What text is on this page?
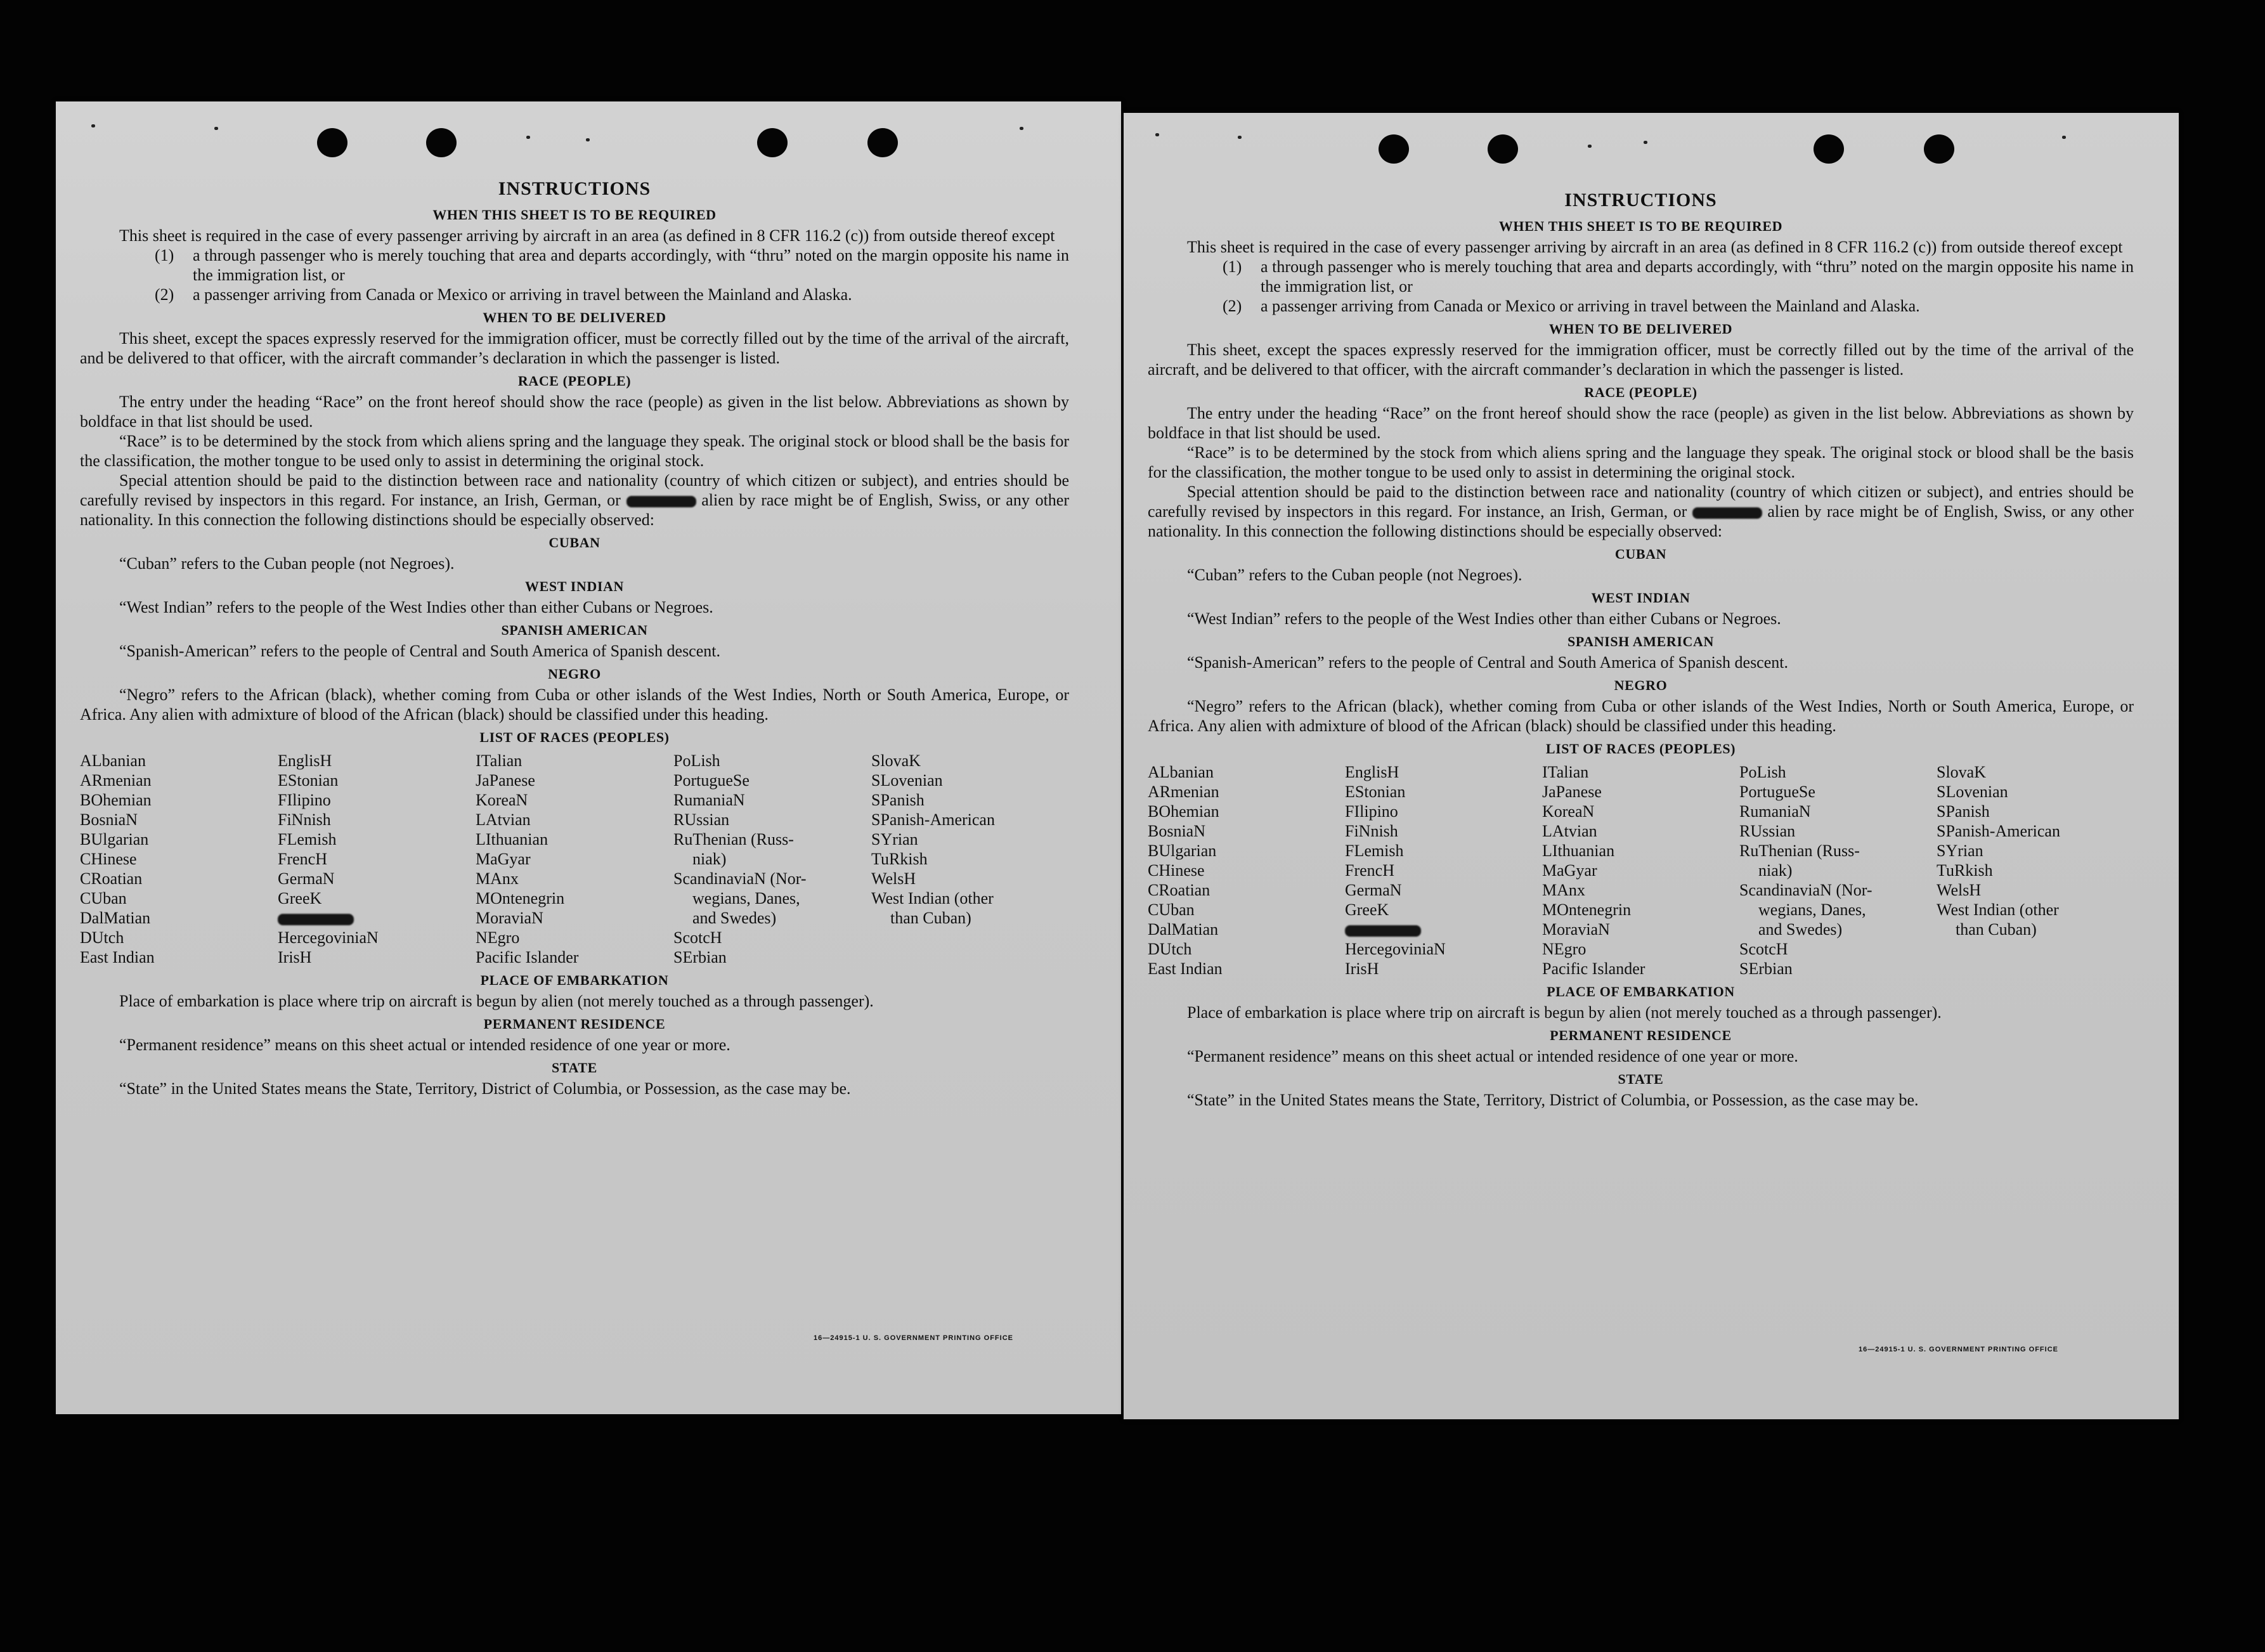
INSTRUCTIONS
WHEN THIS SHEET IS TO BE REQUIRED

This sheet is required in the case of every passenger arriving by aircraft in an area (as defined in 8 CFR 116.2 (c)) from outside thereof except

(1)	a through passenger who is merely touching that area and departs accordingly, with “thru” noted on the margin opposite his name in the immigration list, or
(2)	a passenger arriving from Canada or Mexico or arriving in travel between the Mainland and Alaska.
WHEN TO BE DELIVERED

This sheet, except the spaces expressly reserved for the immigration officer, must be correctly filled out by the time of the arrival of the aircraft, and be delivered to that officer, with the aircraft commander’s declaration in which the passenger is listed.

RACE (PEOPLE)

The entry under the heading “Race” on the front hereof should show the race (people) as given in the list below. Abbreviations as shown by boldface in that list should be used.

“Race” is to be determined by the stock from which aliens spring and the language they speak. The original stock or blood shall be the basis for the classification, the mother tongue to be used only to assist in determining the original stock.

Special attention should be paid to the distinction between race and nationality (country of which citizen or subject), and entries should be carefully revised by inspectors in this regard. For instance, an Irish, German, or	alien by race might be of English, Swiss, or any other nationality. In this connection the following distinctions should be especially observed:

CUBAN

“Cuban” refers to the Cuban people (not Negroes).

WEST INDIAN

“West Indian” refers to the people of the West Indies other than either Cubans or Negroes.

SPANISH AMERICAN

“Spanish-American” refers to the people of Central and South America of Spanish descent.

NEGRO

“Negro” refers to the African (black), whether coming from Cuba or other islands of the West Indies, North or South America, Europe, or Africa. Any alien with admixture of blood of the African (black) should be classified under this heading.

LIST OF RACES (PEOPLES)
ALbanian
ARmenian
BOhemian
BosniaN
BUlgarian
CHinese
CRoatian
CUban
DalMatian
DUtch
East Indian

EnglisH
EStonian
FIlipino
FiNnish
FLemish
FrencH
GermaN
GreeK
HercegoviniaN
IrisH

ITalian
JaPanese
KoreaN
LAtvian
LIthuanian
MaGyar
MAnx
MOntenegrin
MoraviaN
NEgro
Pacific Islander

PoLish
PortugueSe
RumaniaN
RUssian
RuThenian (Russ-
niak)
ScandinaviaN (Nor-
wegians, Danes,
and Swedes)
ScotcH
SErbian

SlovaK
SLovenian
SPanish
SPanish-American
SYrian
TuRkish
WelsH
West Indian (other
than Cuban)
PLACE OF EMBARKATION

Place of embarkation is place where trip on aircraft is begun by alien (not merely touched as a through passenger).

PERMANENT RESIDENCE

“Permanent residence” means on this sheet actual or intended residence of one year or more.

STATE

“State” in the United States means the State, Territory, District of Columbia, or Possession, as the case may be.

16—24915-1 U. S. GOVERNMENT PRINTING OFFICE
INSTRUCTIONS
WHEN THIS SHEET IS TO BE REQUIRED

This sheet is required in the case of every passenger arriving by aircraft in an area (as defined in 8 CFR 116.2 (c)) from outside thereof except

(1)	a through passenger who is merely touching that area and departs accordingly, with “thru” noted on the margin opposite his name in the immigration list, or
(2)	a passenger arriving from Canada or Mexico or arriving in travel between the Mainland and Alaska.
WHEN TO BE DELIVERED

This sheet, except the spaces expressly reserved for the immigration officer, must be correctly filled out by the time of the arrival of the aircraft, and be delivered to that officer, with the aircraft commander’s declaration in which the passenger is listed.

RACE (PEOPLE)

The entry under the heading “Race” on the front hereof should show the race (people) as given in the list below. Abbreviations as shown by boldface in that list should be used.

“Race” is to be determined by the stock from which aliens spring and the language they speak. The original stock or blood shall be the basis for the classification, the mother tongue to be used only to assist in determining the original stock.

Special attention should be paid to the distinction between race and nationality (country of which citizen or subject), and entries should be carefully revised by inspectors in this regard. For instance, an Irish, German, or	alien by race might be of English, Swiss, or any other nationality. In this connection the following distinctions should be especially observed:

CUBAN

“Cuban” refers to the Cuban people (not Negroes).

WEST INDIAN

“West Indian” refers to the people of the West Indies other than either Cubans or Negroes.

SPANISH AMERICAN

“Spanish-American” refers to the people of Central and South America of Spanish descent.

NEGRO

“Negro” refers to the African (black), whether coming from Cuba or other islands of the West Indies, North or South America, Europe, or Africa. Any alien with admixture of blood of the African (black) should be classified under this heading.

LIST OF RACES (PEOPLES)
ALbanian
ARmenian
BOhemian
BosniaN
BUlgarian
CHinese
CRoatian
CUban
DalMatian
DUtch
East Indian

EnglisH
EStonian
FIlipino
FiNnish
FLemish
FrencH
GermaN
GreeK
HercegoviniaN
IrisH

ITalian
JaPanese
KoreaN
LAtvian
LIthuanian
MaGyar
MAnx
MOntenegrin
MoraviaN
NEgro
Pacific Islander

PoLish
PortugueSe
RumaniaN
RUssian
RuThenian (Russ-
niak)
ScandinaviaN (Nor-
wegians, Danes,
and Swedes)
ScotcH
SErbian

SlovaK
SLovenian
SPanish
SPanish-American
SYrian
TuRkish
WelsH
West Indian (other
than Cuban)
PLACE OF EMBARKATION

Place of embarkation is place where trip on aircraft is begun by alien (not merely touched as a through passenger).

PERMANENT RESIDENCE

“Permanent residence” means on this sheet actual or intended residence of one year or more.

STATE

“State” in the United States means the State, Territory, District of Columbia, or Possession, as the case may be.

16—24915-1 U. S. GOVERNMENT PRINTING OFFICE
